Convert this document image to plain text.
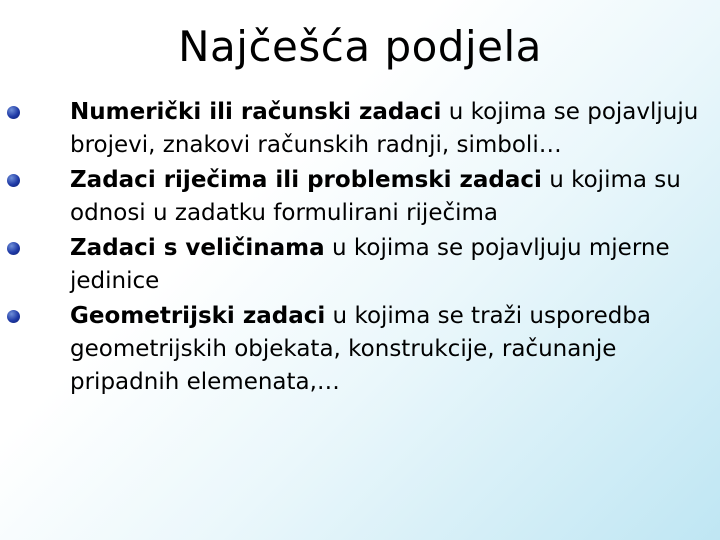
Najčešća podjela
Numerički ili računski zadaci u kojima se pojavljuju brojevi, znakovi računskih radnji, simboli…
Zadaci riječima ili problemski zadaci u kojima su odnosi u zadatku formulirani riječima
Zadaci s veličinama u kojima se pojavljuju mjerne jedinice
Geometrijski zadaci u kojima se traži usporedba geometrijskih objekata, konstrukcije, računanje pripadnih elemenata,…
